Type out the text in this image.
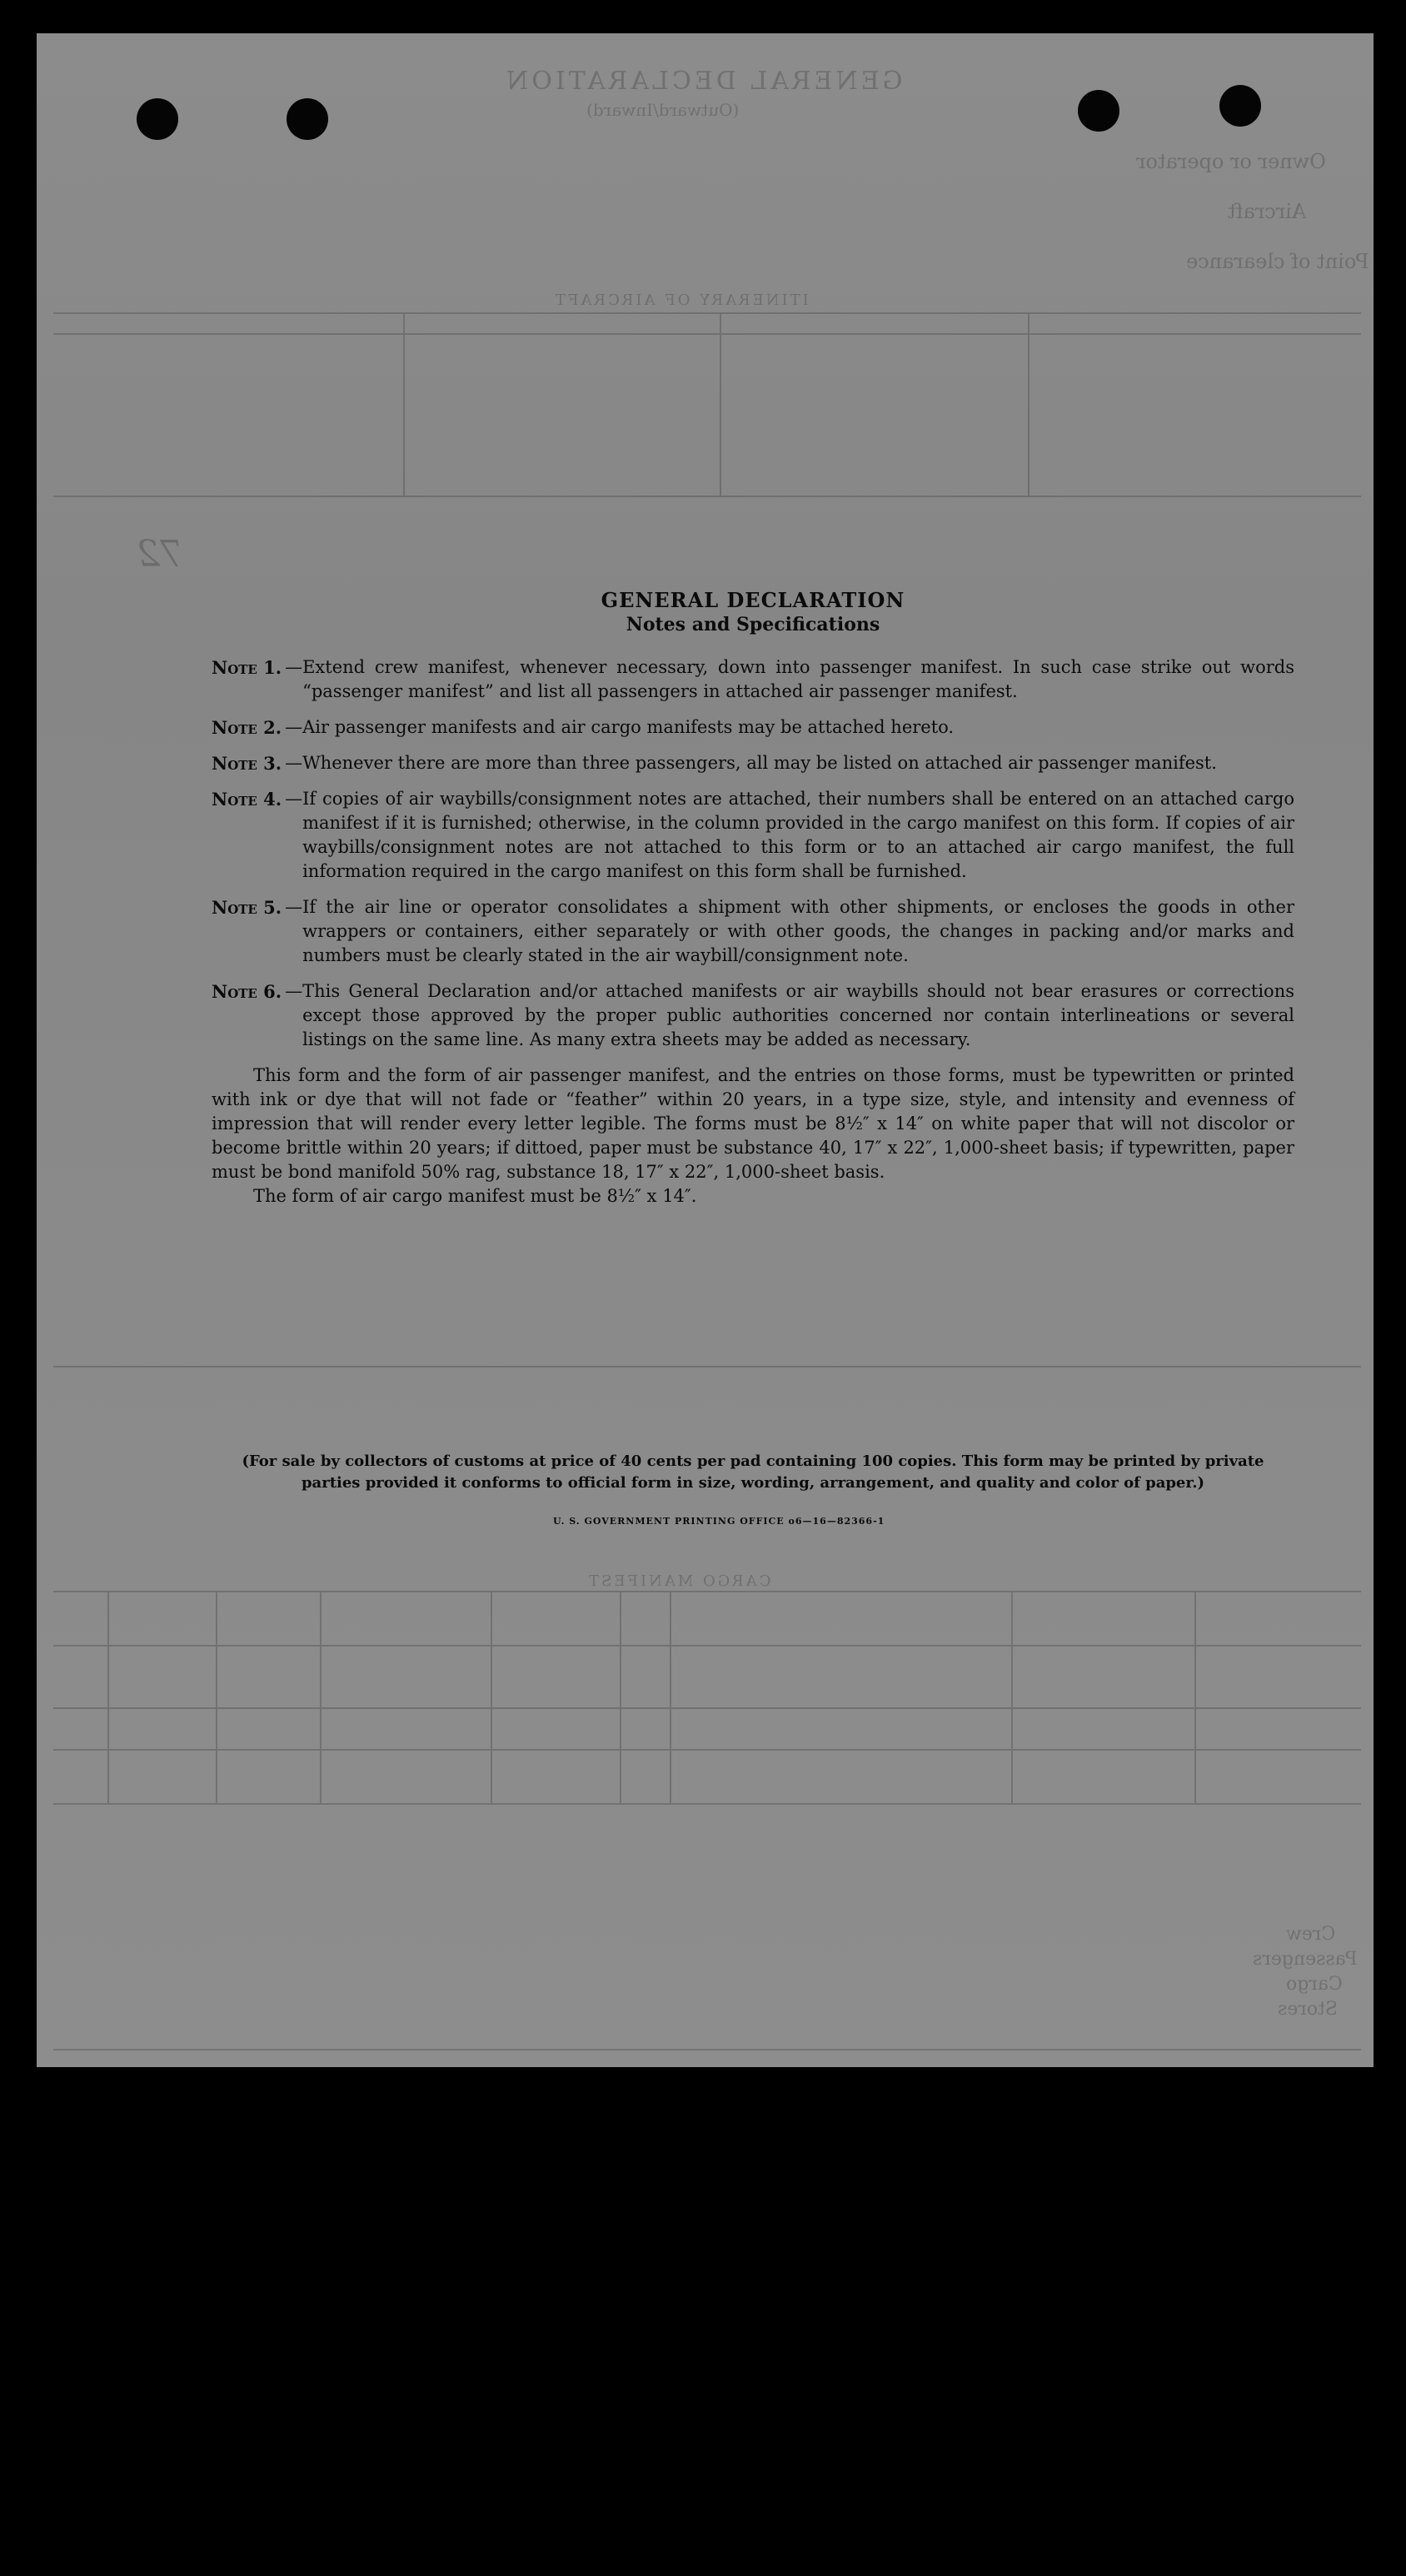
GENERAL DECLARATION
(Outward/Inward)
Owner or operator
Aircraft
Point of clearance
ITINERARY OF AIRCRAFT
CARGO MANIFEST
Crew
Passengers
Cargo
Stores
72
GENERAL DECLARATION
Notes and Specifications
Note 1. — Extend crew manifest, whenever necessary, down into passenger manifest. In such case strike out words “passenger manifest” and list all passengers in attached air passenger manifest.
Note 2. — Air passenger manifests and air cargo manifests may be attached hereto.
Note 3. — Whenever there are more than three passengers, all may be listed on attached air passenger manifest.
Note 4. — If copies of air waybills/consignment notes are attached, their numbers shall be entered on an attached cargo manifest if it is furnished; otherwise, in the column provided in the cargo manifest on this form. If copies of air waybills/consignment notes are not attached to this form or to an attached air cargo manifest, the full information required in the cargo manifest on this form shall be furnished.
Note 5. — If the air line or operator consolidates a shipment with other shipments, or encloses the goods in other wrappers or containers, either separately or with other goods, the changes in packing and/or marks and numbers must be clearly stated in the air waybill/consignment note.
Note 6. — This General Declaration and/or attached manifests or air waybills should not bear erasures or corrections except those approved by the proper public authorities concerned nor contain interlineations or several listings on the same line. As many extra sheets may be added as necessary.
This form and the form of air passenger manifest, and the entries on those forms, must be typewritten or printed with ink or dye that will not fade or “feather” within 20 years, in a type size, style, and intensity and evenness of impression that will render every letter legible. The forms must be 8½″ x 14″ on white paper that will not discolor or become brittle within 20 years; if dittoed, paper must be substance 40, 17″ x 22″, 1,000-sheet basis; if typewritten, paper must be bond manifold 50% rag, substance 18, 17″ x 22″, 1,000-sheet basis.
The form of air cargo manifest must be 8½″ x 14″.
(For sale by collectors of customs at price of 40 cents per pad containing 100 copies. This form may be printed by private parties provided it conforms to official form in size, wording, arrangement, and quality and color of paper.)
U. S. GOVERNMENT PRINTING OFFICE o6—16—82366-1
